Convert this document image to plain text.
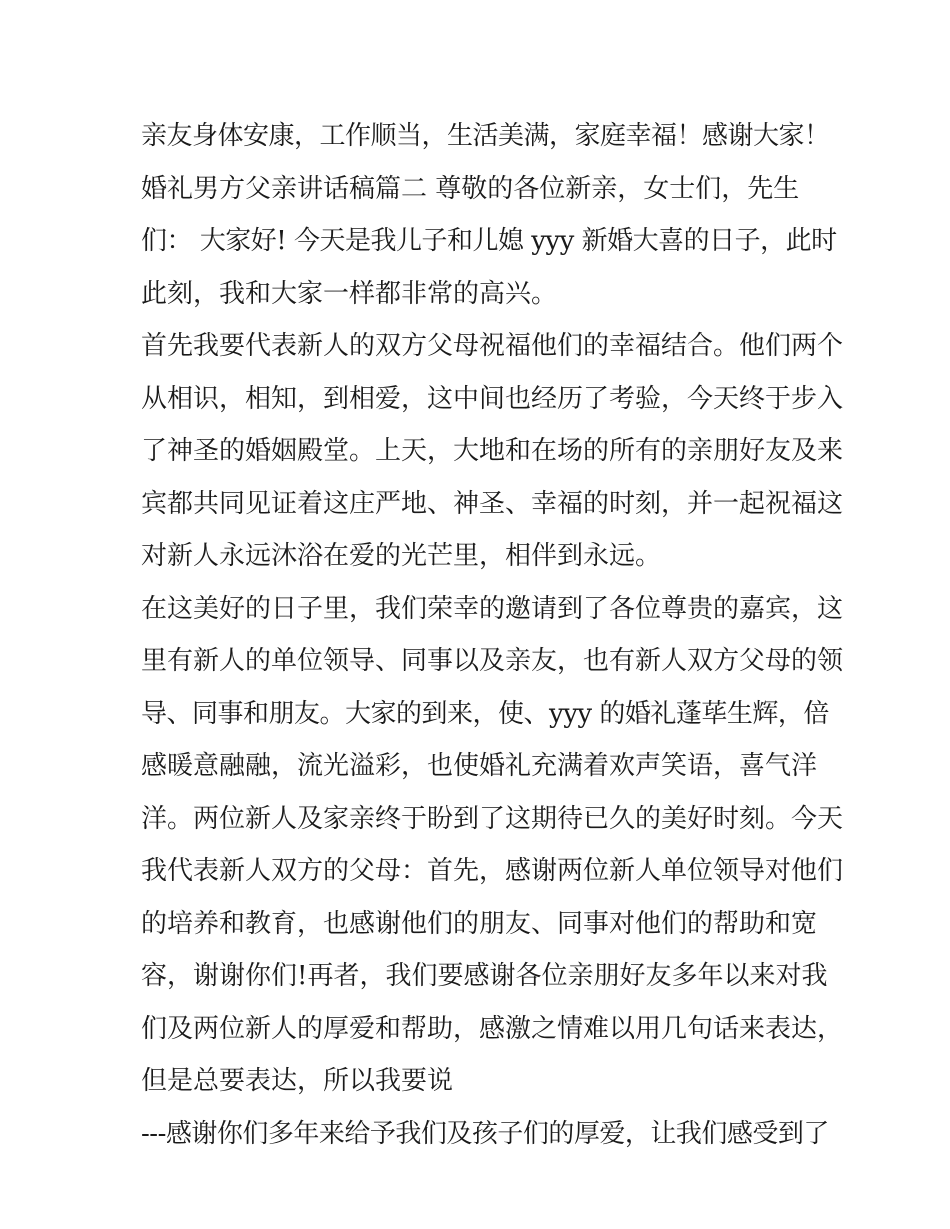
亲友身体安康，工作顺当，生活美满，家庭幸福！感谢大家！
婚礼男方父亲讲话稿篇二 尊敬的各位新亲，女士们，先生
们： 大家好! 今天是我儿子和儿媳 yyy 新婚大喜的日子，此时
此刻，我和大家一样都非常的高兴。
首先我要代表新人的双方父母祝福他们的幸福结合。他们两个
从相识，相知，到相爱，这中间也经历了考验，今天终于步入
了神圣的婚姻殿堂。上天，大地和在场的所有的亲朋好友及来
宾都共同见证着这庄严地、神圣、幸福的时刻，并一起祝福这
对新人永远沐浴在爱的光芒里，相伴到永远。
在这美好的日子里，我们荣幸的邀请到了各位尊贵的嘉宾，这
里有新人的单位领导、同事以及亲友，也有新人双方父母的领
导、同事和朋友。大家的到来，使、yyy 的婚礼蓬荜生辉，倍
感暖意融融，流光溢彩，也使婚礼充满着欢声笑语，喜气洋
洋。两位新人及家亲终于盼到了这期待已久的美好时刻。今天
我代表新人双方的父母：首先，感谢两位新人单位领导对他们
的培养和教育，也感谢他们的朋友、同事对他们的帮助和宽
容，谢谢你们!再者，我们要感谢各位亲朋好友多年以来对我
们及两位新人的厚爱和帮助，感激之情难以用几句话来表达，
但是总要表达，所以我要说
---感谢你们多年来给予我们及孩子们的厚爱，让我们感受到了
